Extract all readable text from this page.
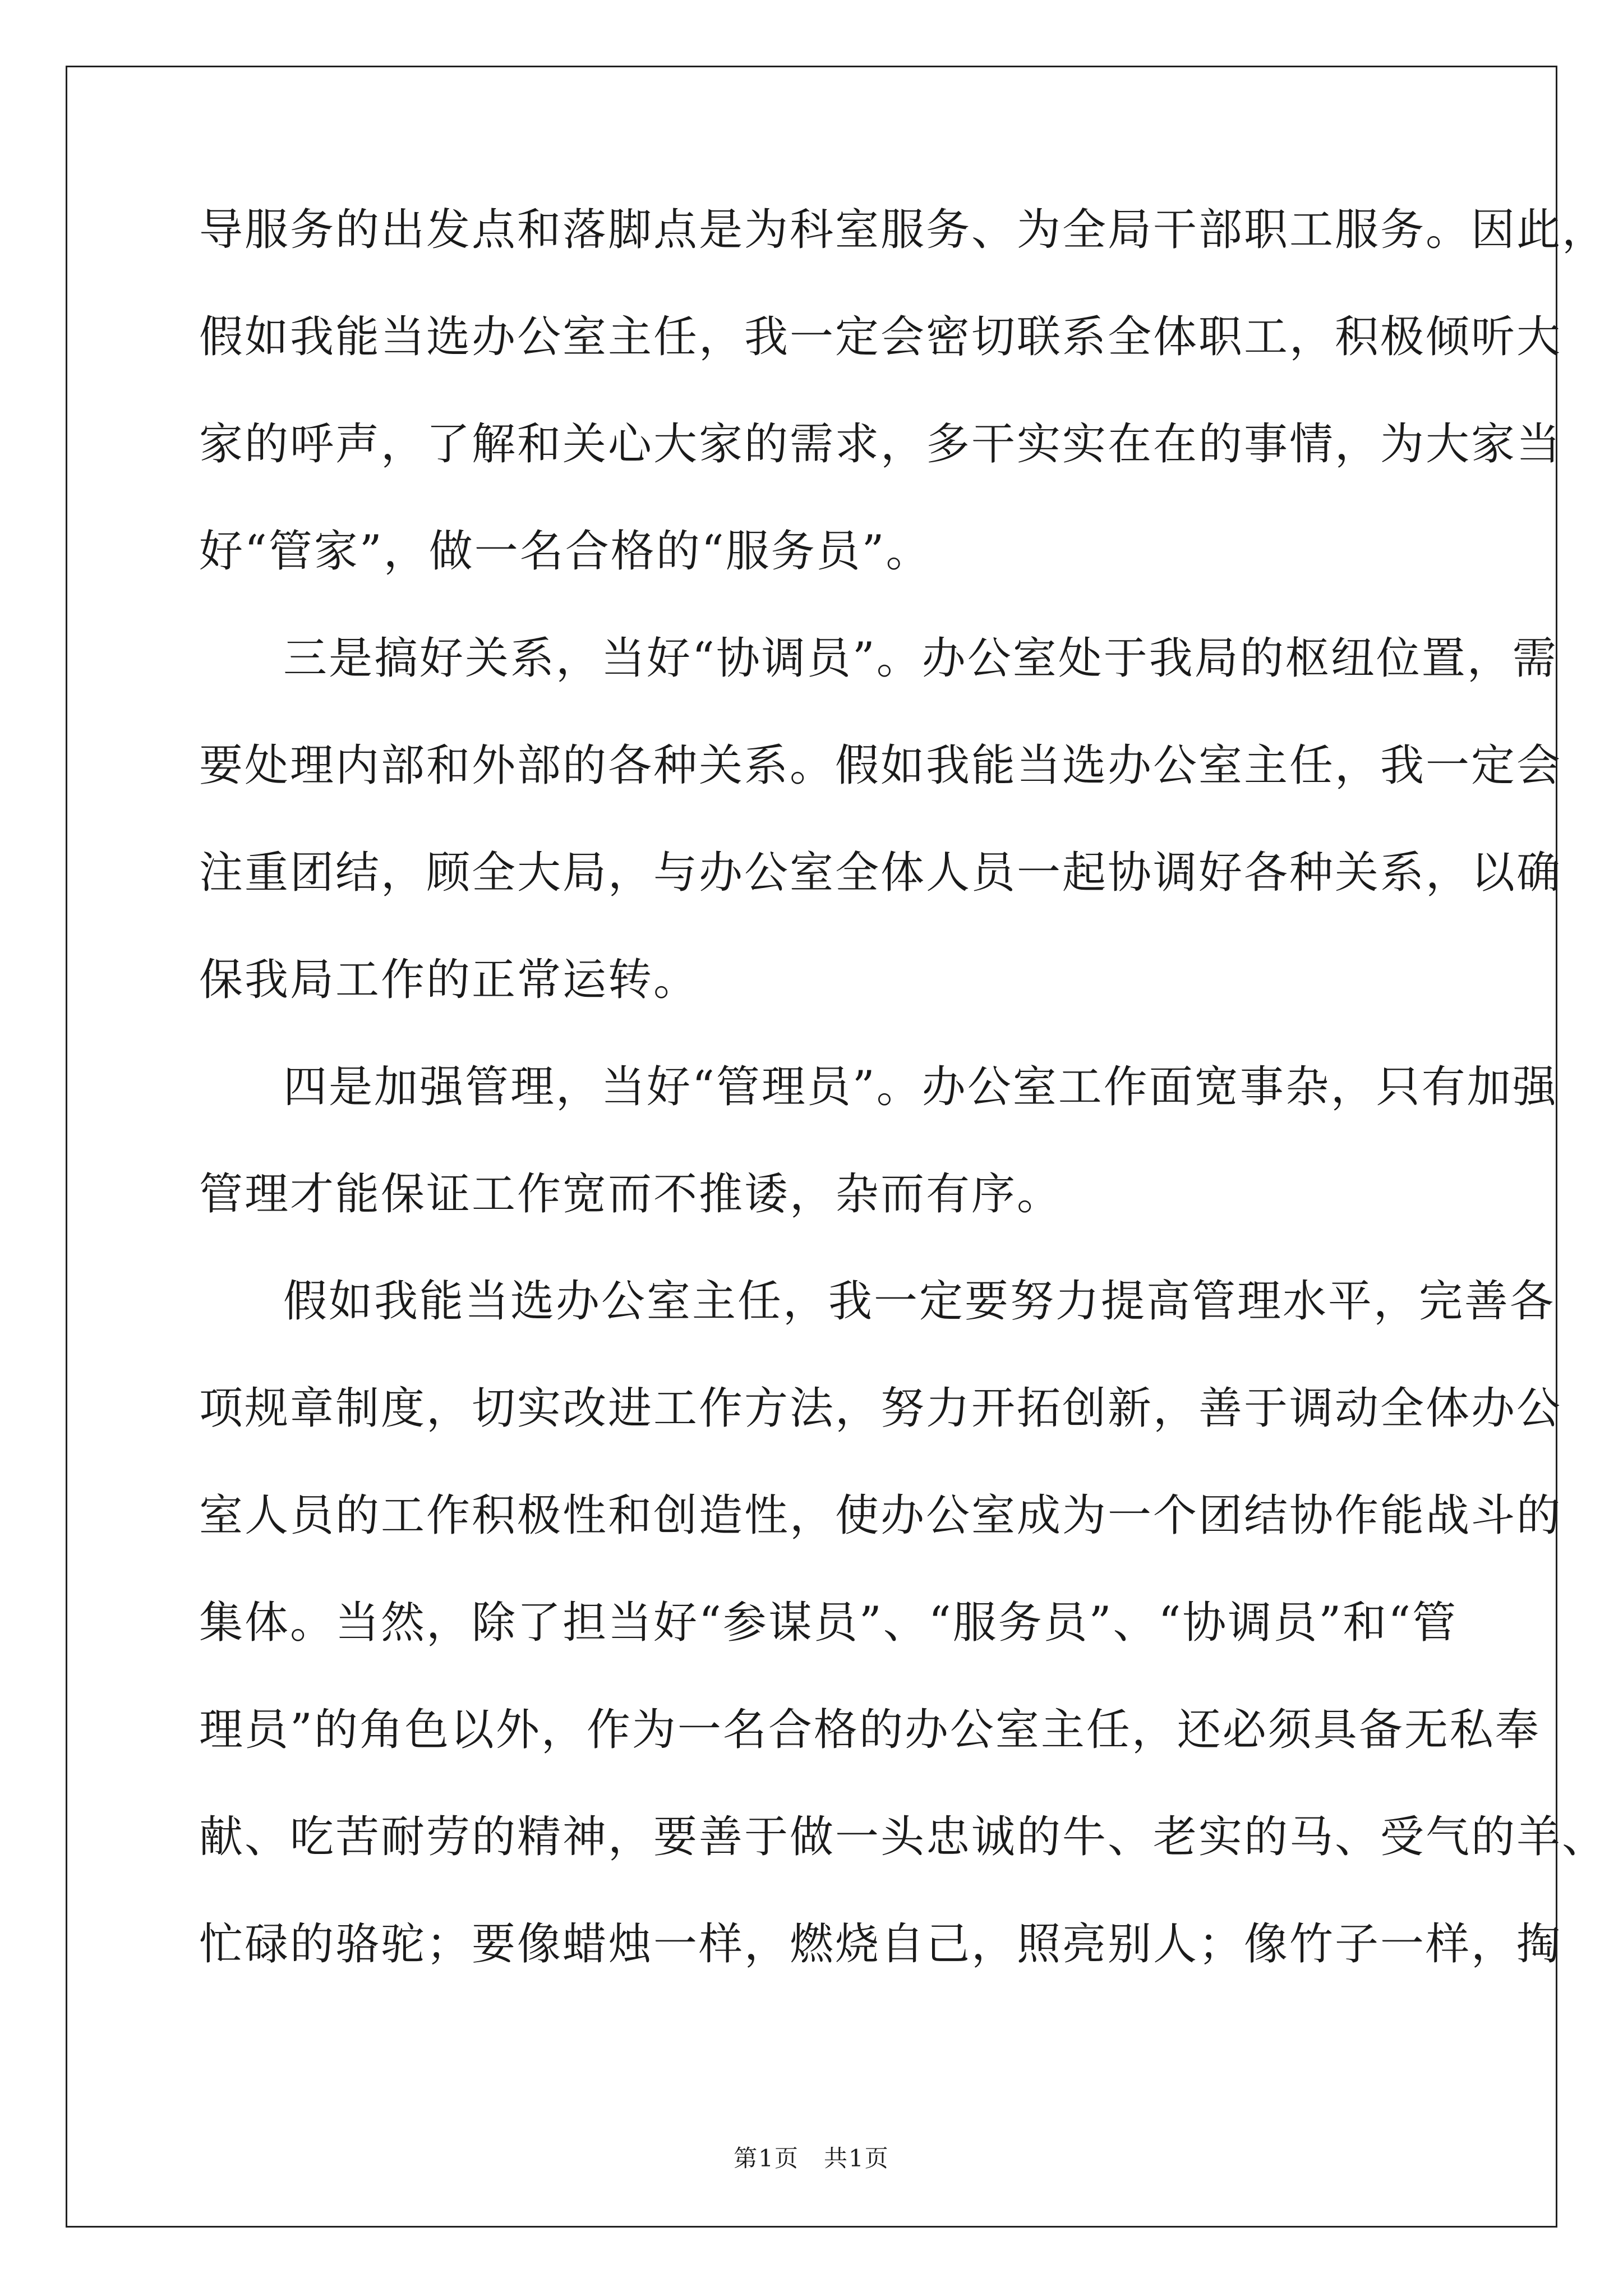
导服务的出发点和落脚点是为科室服务、为全局干部职工服务。因此，
假如我能当选办公室主任，我一定会密切联系全体职工，积极倾听大
家的呼声，了解和关心大家的需求，多干实实在在的事情，为大家当
好“管家”，做一名合格的“服务员”。
三是搞好关系，当好“协调员”。办公室处于我局的枢纽位置，需
要处理内部和外部的各种关系。假如我能当选办公室主任，我一定会
注重团结，顾全大局，与办公室全体人员一起协调好各种关系，以确
保我局工作的正常运转。
四是加强管理，当好“管理员”。办公室工作面宽事杂，只有加强
管理才能保证工作宽而不推诿，杂而有序。
假如我能当选办公室主任，我一定要努力提高管理水平，完善各
项规章制度，切实改进工作方法，努力开拓创新，善于调动全体办公
室人员的工作积极性和创造性，使办公室成为一个团结协作能战斗的
集体。当然，除了担当好“参谋员”、“服务员”、“协调员”和“管
理员”的角色以外，作为一名合格的办公室主任，还必须具备无私奉
献、吃苦耐劳的精神，要善于做一头忠诚的牛、老实的马、受气的羊、
忙碌的骆驼；要像蜡烛一样，燃烧自己，照亮别人；像竹子一样，掏
第1页　共1页
